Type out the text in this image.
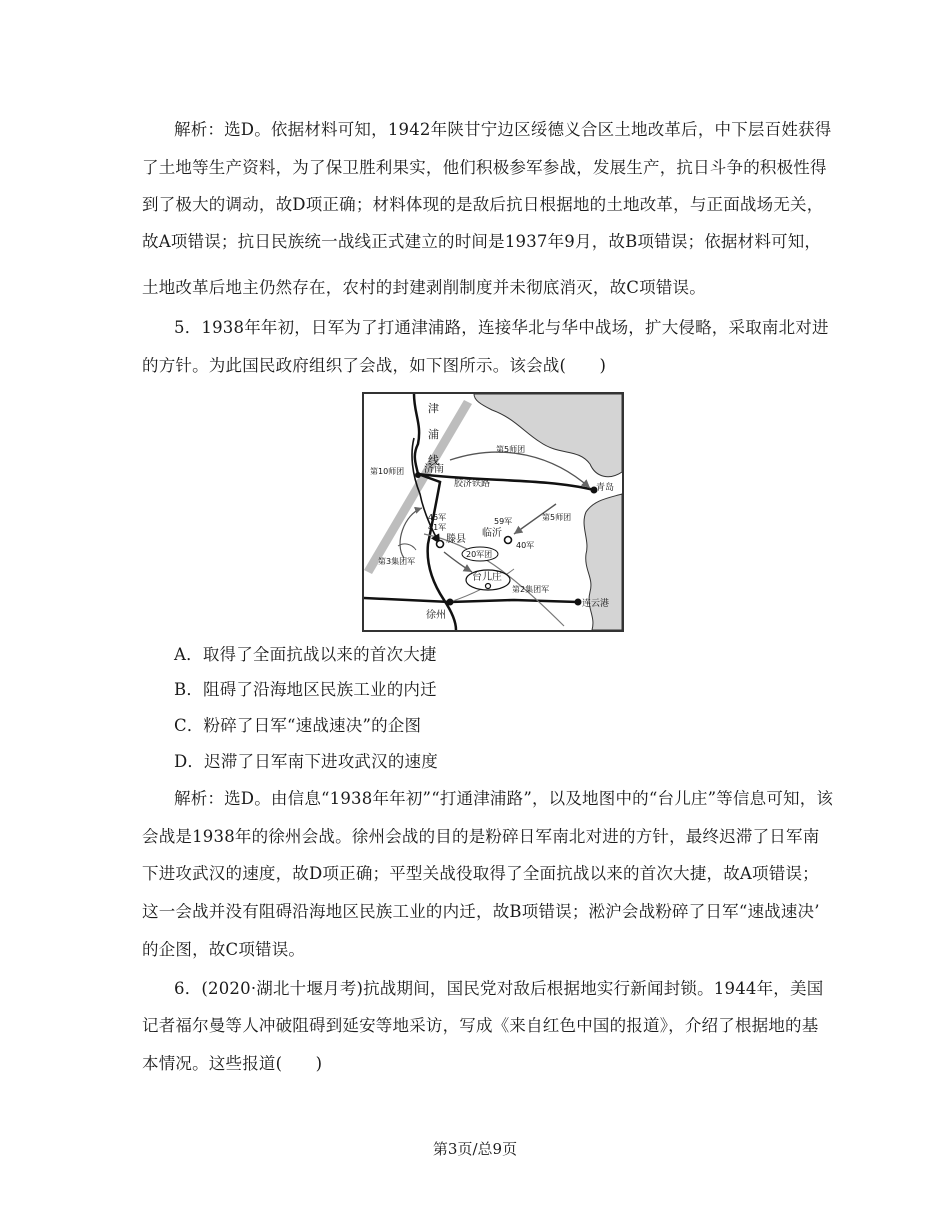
解析：选D。依据材料可知，1942年陕甘宁边区绥德义合区土地改革后，中下层百姓获得
了土地等生产资料，为了保卫胜利果实，他们积极参军参战，发展生产，抗日斗争的积极性得
到了极大的调动，故D项正确；材料体现的是敌后抗日根据地的土地改革，与正面战场无关，
故A项错误；抗日民族统一战线正式建立的时间是1937年9月，故B项错误；依据材料可知，
土地改革后地主仍然存在，农村的封建剥削制度并未彻底消灭，故C项错误。
5．1938年年初，日军为了打通津浦路，连接华北与华中战场，扩大侵略，采取南北对进
的方针。为此国民政府组织了会战，如下图所示。该会战(　　)
津
浦
线
第10师团 济南
第5师团
胶济铁路	青岛
45军
41军
滕县
59军
临沂
第5师团
40军
20军团
第3集团军
台儿庄
第2集团军
徐州
连云港
A．取得了全面抗战以来的首次大捷
B．阻碍了沿海地区民族工业的内迁
C．粉碎了日军“速战速决”的企图
D．迟滞了日军南下进攻武汉的速度
解析：选D。由信息“1938年年初”“打通津浦路”，以及地图中的“台儿庄”等信息可知，该
会战是1938年的徐州会战。徐州会战的目的是粉碎日军南北对进的方针，最终迟滞了日军南
下进攻武汉的速度，故D项正确；平型关战役取得了全面抗战以来的首次大捷，故A项错误；
这一会战并没有阻碍沿海地区民族工业的内迁，故B项错误；淞沪会战粉碎了日军“速战速决’
的企图，故C项错误。
6．(2020·湖北十堰月考)抗战期间，国民党对敌后根据地实行新闻封锁。1944年，美国
记者福尔曼等人冲破阻碍到延安等地采访，写成《来自红色中国的报道》，介绍了根据地的基
本情况。这些报道(　　)
第3页/总9页
